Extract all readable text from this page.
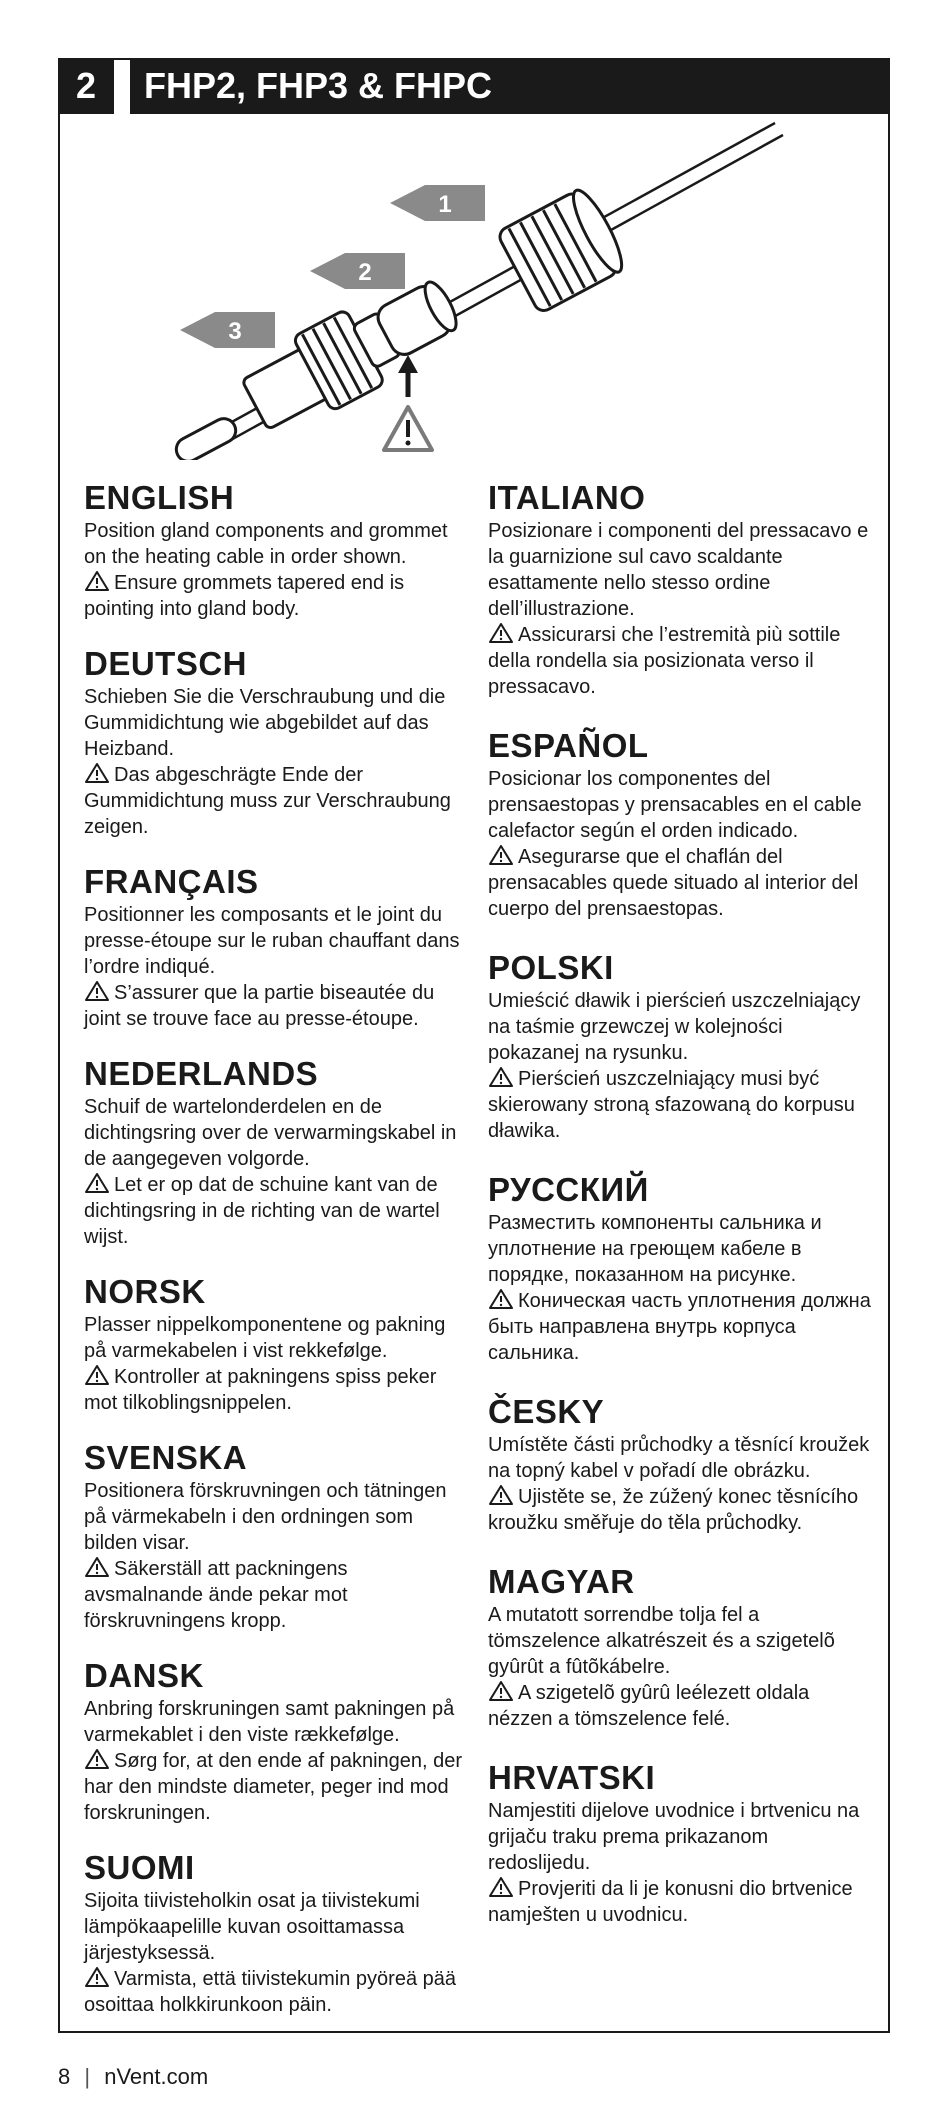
2	FHP2, FHP3 & FHPC
1
2
3
ENGLISH

Position gland components and grommet on the heating cable in order shown.

Ensure grommets tapered end is pointing into gland body.

DEUTSCH

Schieben Sie die Verschraubung und die Gummidichtung wie abgebildet auf das Heizband.

Das abgeschrägte Ende der Gummidichtung muss zur Verschraubung zeigen.

FRANÇAIS

Positionner les composants et le joint du presse-étoupe sur le ruban chauffant dans l’ordre indiqué.

S’assurer que la partie biseautée du joint se trouve face au presse-étoupe.

NEDERLANDS

Schuif de wartelonderdelen en de dichtingsring over de verwarmingskabel in de aangegeven volgorde.

Let er op dat de schuine kant van de dichtingsring in de richting van de wartel wijst.

NORSK

Plasser nippelkomponentene og pakning på varmekabelen i vist rekkefølge.

Kontroller at pakningens spiss peker mot tilkoblingsnippelen.

SVENSKA

Positionera förskruvningen och tätningen på värmekabeln i den ordningen som bilden visar.

Säkerställ att packningens avsmalnande ände pekar mot förskruvningens kropp.

DANSK

Anbring forskruningen samt pakningen på varmekablet i den viste rækkefølge.

Sørg for, at den ende af pakningen, der har den mindste diameter, peger ind mod forskruningen.

SUOMI

Sijoita tiivisteholkin osat ja tiivistekumi lämpökaapelille kuvan osoittamassa järjestyksessä.

Varmista, että tiivistekumin pyöreä pää osoittaa holkkirunkoon päin.

ITALIANO

Posizionare i componenti del pressacavo e la guarnizione sul cavo scaldante esattamente nello stesso ordine dell’illustrazione.

Assicurarsi che l’estremità più sottile della rondella sia posizionata verso il pressacavo.

ESPAÑOL

Posicionar los componentes del prensaestopas y prensacables en el cable calefactor según el orden indicado.

Asegurarse que el chaflán del prensacables quede situado al interior del cuerpo del prensaestopas.

POLSKI

Umieścić dławik i pierścień uszczelniający na taśmie grzewczej w kolejności pokazanej na rysunku.

Pierścień uszczelniający musi być skierowany stroną sfazowaną do korpusu dławika.

РУССКИЙ

Разместить компоненты сальника и уплотнение на греющем кабеле в порядке, показанном на рисунке.

Коническая часть уплотнения должна быть направлена внутрь корпуса сальника.

ČESKY

Umístěte části průchodky a těsnící kroužek na topný kabel v pořadí dle obrázku.

Ujistěte se, že zúžený konec těsnícího kroužku směřuje do těla průchodky.

MAGYAR

A mutatott sorrendbe tolja fel a tömszelence alkatrészeit és a szigetelõ gyûrût a fûtõkábelre.

A szigetelõ gyûrû leélezett oldala nézzen a tömszelence felé.

HRVATSKI

Namjestiti dijelove uvodnice i brtvenicu na grijaču traku prema prikazanom redoslijedu.

Provjeriti da li je konusni dio brtvenice namješten u uvodnicu.

8 | nVent.com
